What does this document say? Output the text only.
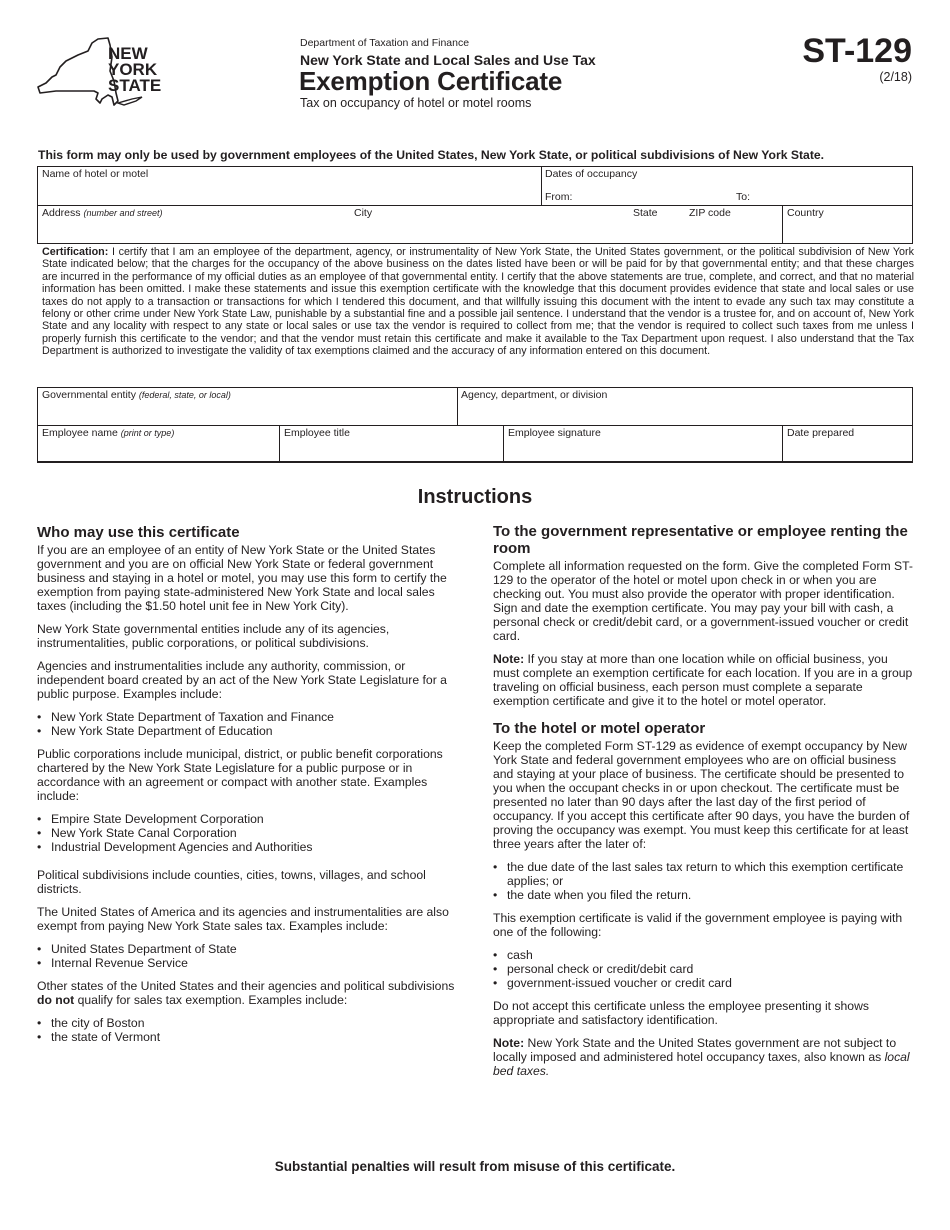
NEW
YORK
STATE
Department of Taxation and Finance
New York State and Local Sales and Use Tax
Exemption Certificate
Tax on occupancy of hotel or motel rooms
ST-129
(2/18)
This form may only be used by government employees of the United States, New York State, or political subdivisions of New York State.
Name of hotel or motel	Dates of occupancy
From:	To:
Address (number and street)	City	State	ZIP code	Country
Certification: I certify that I am an employee of the department, agency, or instrumentality of New York State, the United States government, or the political subdivision of New York State indicated below; that the charges for the occupancy of the above business on the dates listed have been or will be paid for by that governmental entity; and that these charges are incurred in the performance of my official duties as an employee of that governmental entity. I certify that the above statements are true, complete, and correct, and that no material information has been omitted. I make these statements and issue this exemption certificate with the knowledge that this document provides evidence that state and local sales or use taxes do not apply to a transaction or transactions for which I tendered this document, and that willfully issuing this document with the intent to evade any such tax may constitute a felony or other crime under New York State Law, punishable by a substantial fine and a possible jail sentence. I understand that the vendor is a trustee for, and on account of, New York State and any locality with respect to any state or local sales or use tax the vendor is required to collect from me; that the vendor is required to collect such taxes from me unless I properly furnish this certificate to the vendor; and that the vendor must retain this certificate and make it available to the Tax Department upon request. I also understand that the Tax Department is authorized to investigate the validity of tax exemptions claimed and the accuracy of any information entered on this document.
Governmental entity (federal, state, or local)	Agency, department, or division
Employee name (print or type)	Employee title	Employee signature	Date prepared
Instructions
Who may use this certificate

If you are an employee of an entity of New York State or the United States government and you are on official New York State or federal government business and staying in a hotel or motel, you may use this form to certify the exemption from paying state-administered New York State and local sales taxes (including the $1.50 hotel unit fee in New York City).

New York State governmental entities include any of its agencies, instrumentalities, public corporations, or political subdivisions.

Agencies and instrumentalities include any authority, commission, or independent board created by an act of the New York State Legislature for a public purpose. Examples include:

• New York State Department of Taxation and Finance
• New York State Department of Education

Public corporations include municipal, district, or public benefit corporations chartered by the New York State Legislature for a public purpose or in accordance with an agreement or compact with another state. Examples include:

• Empire State Development Corporation
• New York State Canal Corporation
• Industrial Development Agencies and Authorities

Political subdivisions include counties, cities, towns, villages, and school districts.

The United States of America and its agencies and instrumentalities are also exempt from paying New York State sales tax. Examples include:

• United States Department of State
• Internal Revenue Service

Other states of the United States and their agencies and political subdivisions do not qualify for sales tax exemption. Examples include:

• the city of Boston
• the state of Vermont
To the government representative or employee renting the room

Complete all information requested on the form. Give the completed Form ST-129 to the operator of the hotel or motel upon check in or when you are checking out. You must also provide the operator with proper identification. Sign and date the exemption certificate. You may pay your bill with cash, a personal check or credit/debit card, or a government-issued voucher or credit card.

Note: If you stay at more than one location while on official business, you must complete an exemption certificate for each location. If you are in a group traveling on official business, each person must complete a separate exemption certificate and give it to the hotel or motel operator.

To the hotel or motel operator

Keep the completed Form ST-129 as evidence of exempt occupancy by New York State and federal government employees who are on official business and staying at your place of business. The certificate should be presented to you when the occupant checks in or upon checkout. The certificate must be presented no later than 90 days after the last day of the first period of occupancy. If you accept this certificate after 90 days, you have the burden of proving the occupancy was exempt. You must keep this certificate for at least three years after the later of:

• the due date of the last sales tax return to which this exemption certificate applies; or
• the date when you filed the return.

This exemption certificate is valid if the government employee is paying with one of the following:

• cash
• personal check or credit/debit card
• government-issued voucher or credit card

Do not accept this certificate unless the employee presenting it shows appropriate and satisfactory identification.

Note: New York State and the United States government are not subject to locally imposed and administered hotel occupancy taxes, also known as local bed taxes.

Substantial penalties will result from misuse of this certificate.
